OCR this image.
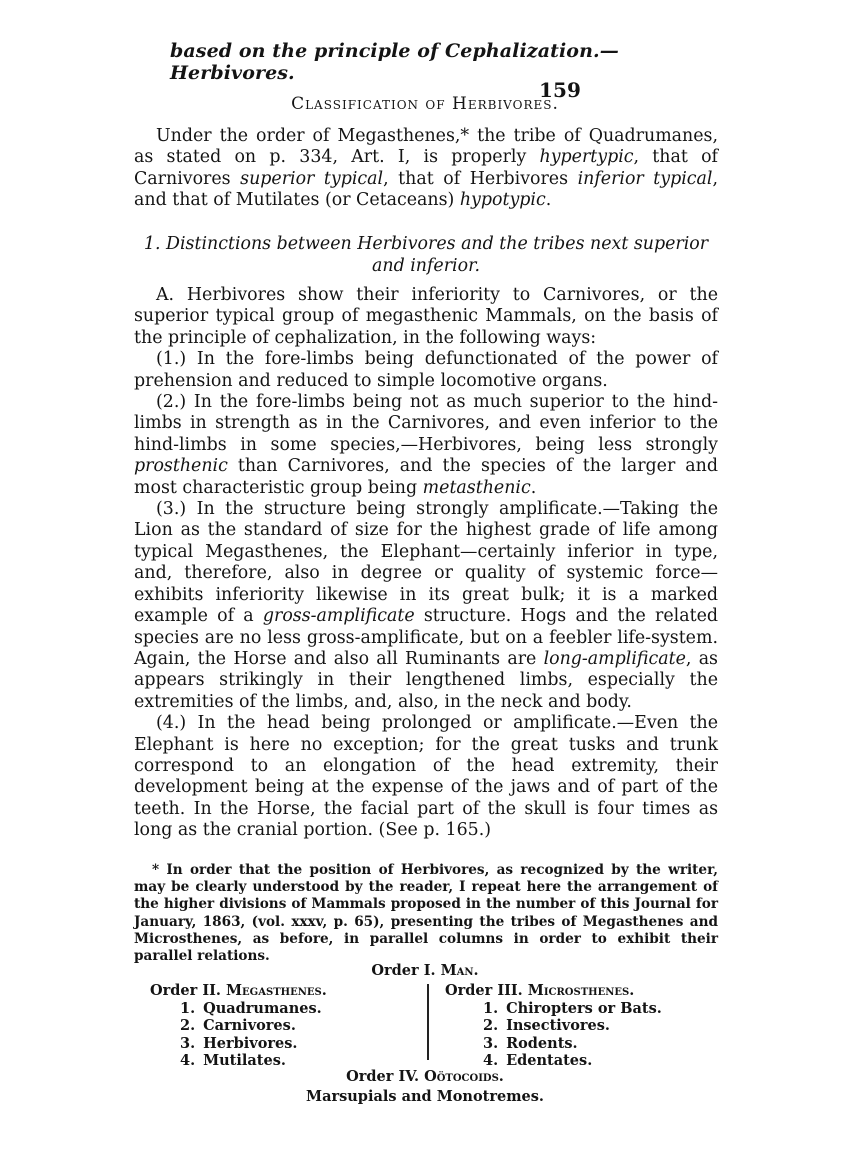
based on the principle of Cephalization.—Herbivores.
159
Classification of Herbivores.

Under the order of Megasthenes,* the tribe of Quadrumanes, as stated on p. 334, Art. I, is properly hypertypic, that of Carnivores superior typical, that of Herbivores inferior typical, and that of Mutilates (or Cetaceans) hypotypic.

1. Distinctions between Herbivores and the tribes next superior and inferior.

A. Herbivores show their inferiority to Carnivores, or the superior typical group of megasthenic Mammals, on the basis of the principle of cephalization, in the following ways:

(1.) In the fore-limbs being defunctionated of the power of prehension and reduced to simple locomotive organs.

(2.) In the fore-limbs being not as much superior to the hind-limbs in strength as in the Carnivores, and even inferior to the hind-limbs in some species,—Herbivores, being less strongly prosthenic than Carnivores, and the species of the larger and most characteristic group being metasthenic.

(3.) In the structure being strongly amplificate.—Taking the Lion as the standard of size for the highest grade of life among typical Megasthenes, the Elephant—certainly inferior in type, and, therefore, also in degree or quality of systemic force—exhibits inferiority likewise in its great bulk; it is a marked example of a gross-amplificate structure. Hogs and the related species are no less gross-amplificate, but on a feebler life-system. Again, the Horse and also all Ruminants are long-amplificate, as appears strikingly in their lengthened limbs, especially the extremities of the limbs, and, also, in the neck and body.

(4.) In the head being prolonged or amplificate.—Even the Elephant is here no exception; for the great tusks and trunk correspond to an elongation of the head extremity, their development being at the expense of the jaws and of part of the teeth. In the Horse, the facial part of the skull is four times as long as the cranial portion. (See p. 165.)

* In order that the position of Herbivores, as recognized by the writer, may be clearly understood by the reader, I repeat here the arrangement of the higher divisions of Mammals proposed in the number of this Journal for January, 1863, (vol. xxxv, p. 65), presenting the tribes of Megasthenes and Microsthenes, as before, in parallel columns in order to exhibit their parallel relations.
Order I. Man.
Order II. Megasthenes.
1. Quadrumanes.
2. Carnivores.
3. Herbivores.
4. Mutilates.
Order III. Microsthenes.
1. Chiropters or Bats.
2. Insectivores.
3. Rodents.
4. Edentates.
Order IV. Oötocoids.
Marsupials and Monotremes.
